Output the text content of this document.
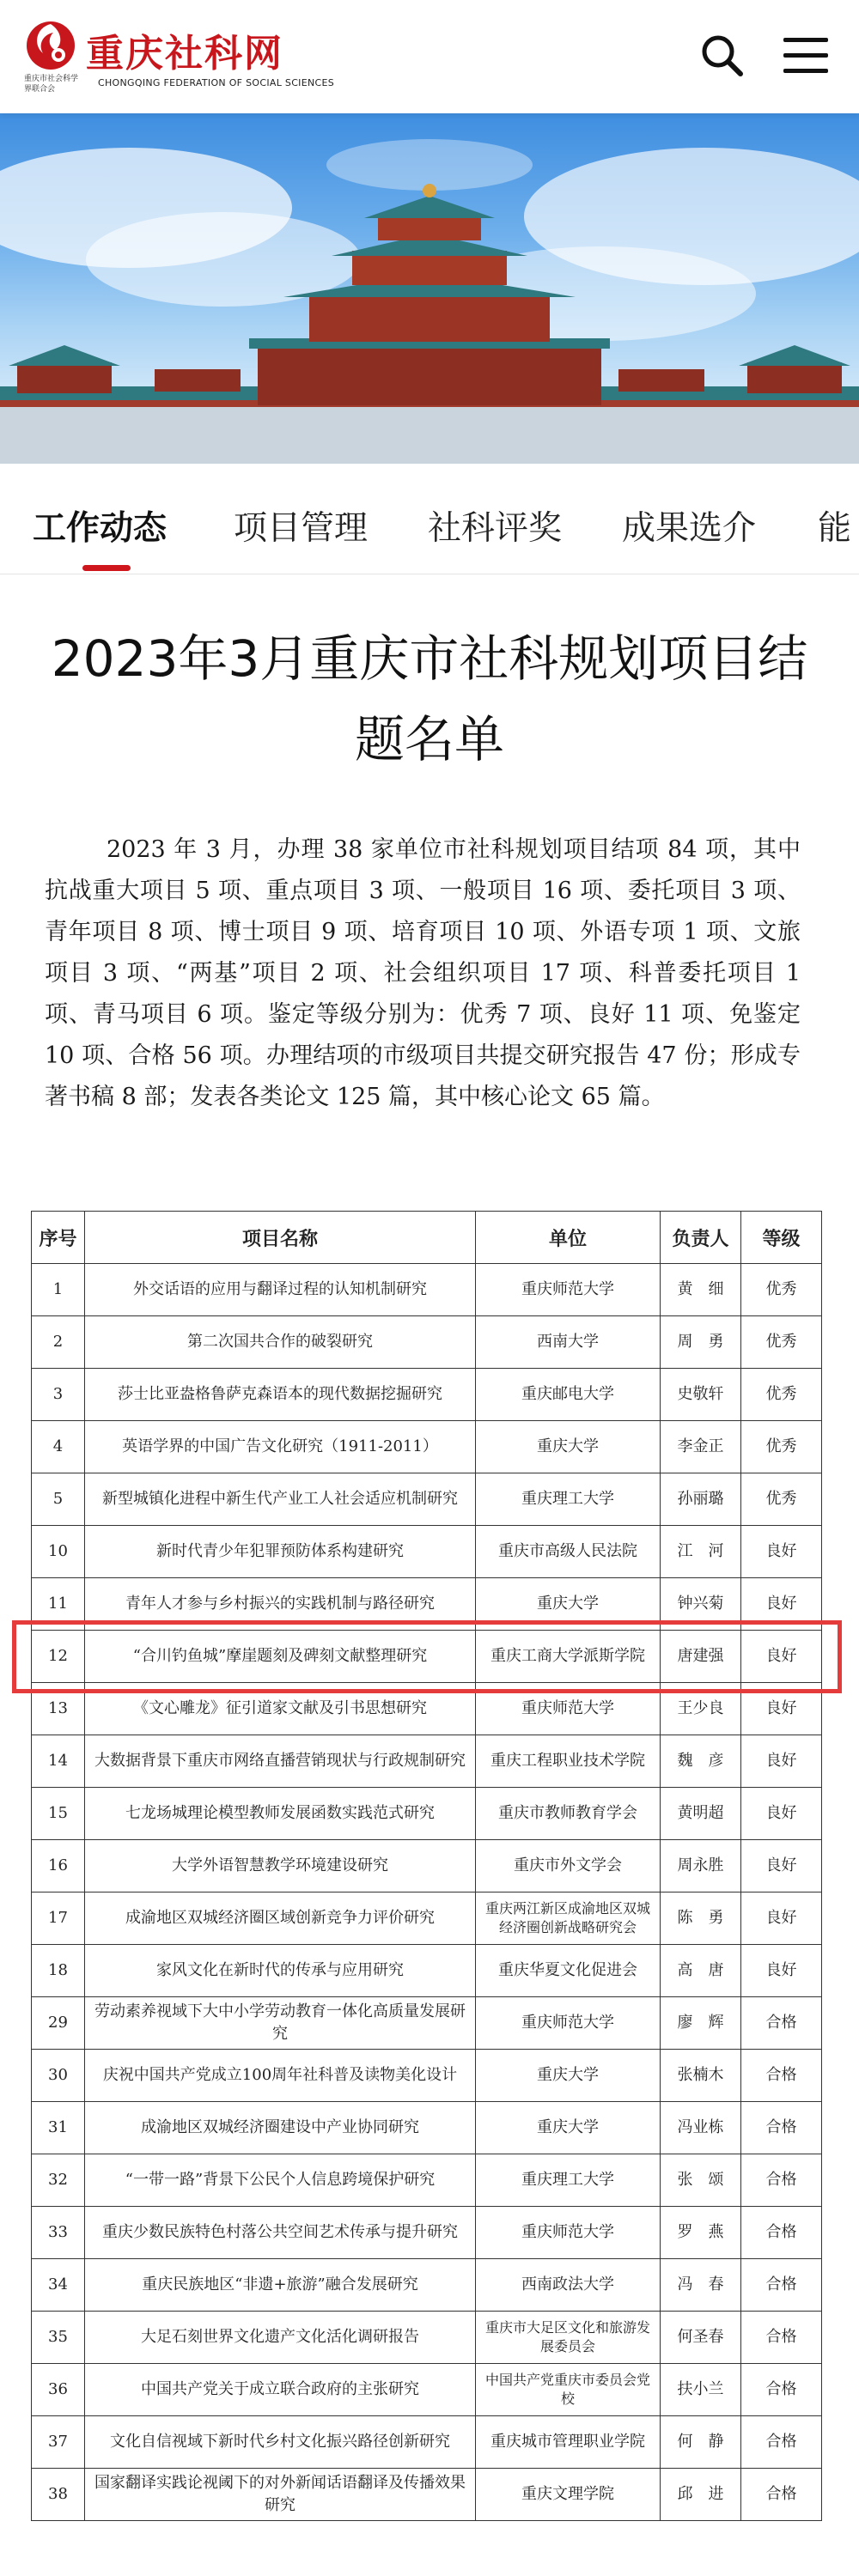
重庆社科网
重庆市社会科学界联合会
CHONGQING FEDERATION OF SOCIAL SCIENCES
工作动态 项目管理 社科评奖 成果选介 能
2023年3月重庆市社科规划项目结题名单
2023 年 3 月，办理 38 家单位市社科规划项目结项 84 项，其中抗战重大项目 5 项、重点项目 3 项、一般项目 16 项、委托项目 3 项、青年项目 8 项、博士项目 9 项、培育项目 10 项、外语专项 1 项、文旅项目 3 项、“两基”项目 2 项、社会组织项目 17 项、科普委托项目 1 项、青马项目 6 项。鉴定等级分别为：优秀 7 项、良好 11 项、免鉴定 10 项、合格 56 项。办理结项的市级项目共提交研究报告 47 份；形成专著书稿 8 部；发表各类论文 125 篇，其中核心论文 65 篇。
序号	项目名称	单位	负责人	等级
1	外交话语的应用与翻译过程的认知机制研究	重庆师范大学	黄　细	优秀
2	第二次国共合作的破裂研究	西南大学	周　勇	优秀
3	莎士比亚盎格鲁萨克森语本的现代数据挖掘研究	重庆邮电大学	史敬轩	优秀
4	英语学界的中国广告文化研究（1911-2011）	重庆大学	李金正	优秀
5	新型城镇化进程中新生代产业工人社会适应机制研究	重庆理工大学	孙丽璐	优秀
10	新时代青少年犯罪预防体系构建研究	重庆市高级人民法院	江　河	良好
11	青年人才参与乡村振兴的实践机制与路径研究	重庆大学	钟兴菊	良好
12	“合川钓鱼城”摩崖题刻及碑刻文献整理研究	重庆工商大学派斯学院	唐建强	良好
13	《文心雕龙》征引道家文献及引书思想研究	重庆师范大学	王少良	良好
14	大数据背景下重庆市网络直播营销现状与行政规制研究	重庆工程职业技术学院	魏　彦	良好
15	七龙场城理论模型教师发展函数实践范式研究	重庆市教师教育学会	黄明超	良好
16	大学外语智慧教学环境建设研究	重庆市外文学会	周永胜	良好
17	成渝地区双城经济圈区域创新竞争力评价研究	重庆两江新区成渝地区双城经济圈创新战略研究会	陈　勇	良好
18	家风文化在新时代的传承与应用研究	重庆华夏文化促进会	高　唐	良好
29	劳动素养视域下大中小学劳动教育一体化高质量发展研究	重庆师范大学	廖　辉	合格
30	庆祝中国共产党成立100周年社科普及读物美化设计	重庆大学	张楠木	合格
31	成渝地区双城经济圈建设中产业协同研究	重庆大学	冯业栋	合格
32	“一带一路”背景下公民个人信息跨境保护研究	重庆理工大学	张　颂	合格
33	重庆少数民族特色村落公共空间艺术传承与提升研究	重庆师范大学	罗　燕	合格
34	重庆民族地区“非遗+旅游”融合发展研究	西南政法大学	冯　春	合格
35	大足石刻世界文化遗产文化活化调研报告	重庆市大足区文化和旅游发展委员会	何圣春	合格
36	中国共产党关于成立联合政府的主张研究	中国共产党重庆市委员会党校	扶小兰	合格
37	文化自信视域下新时代乡村文化振兴路径创新研究	重庆城市管理职业学院	何　静	合格
38	国家翻译实践论视阈下的对外新闻话语翻译及传播效果研究	重庆文理学院	邱　进	合格
